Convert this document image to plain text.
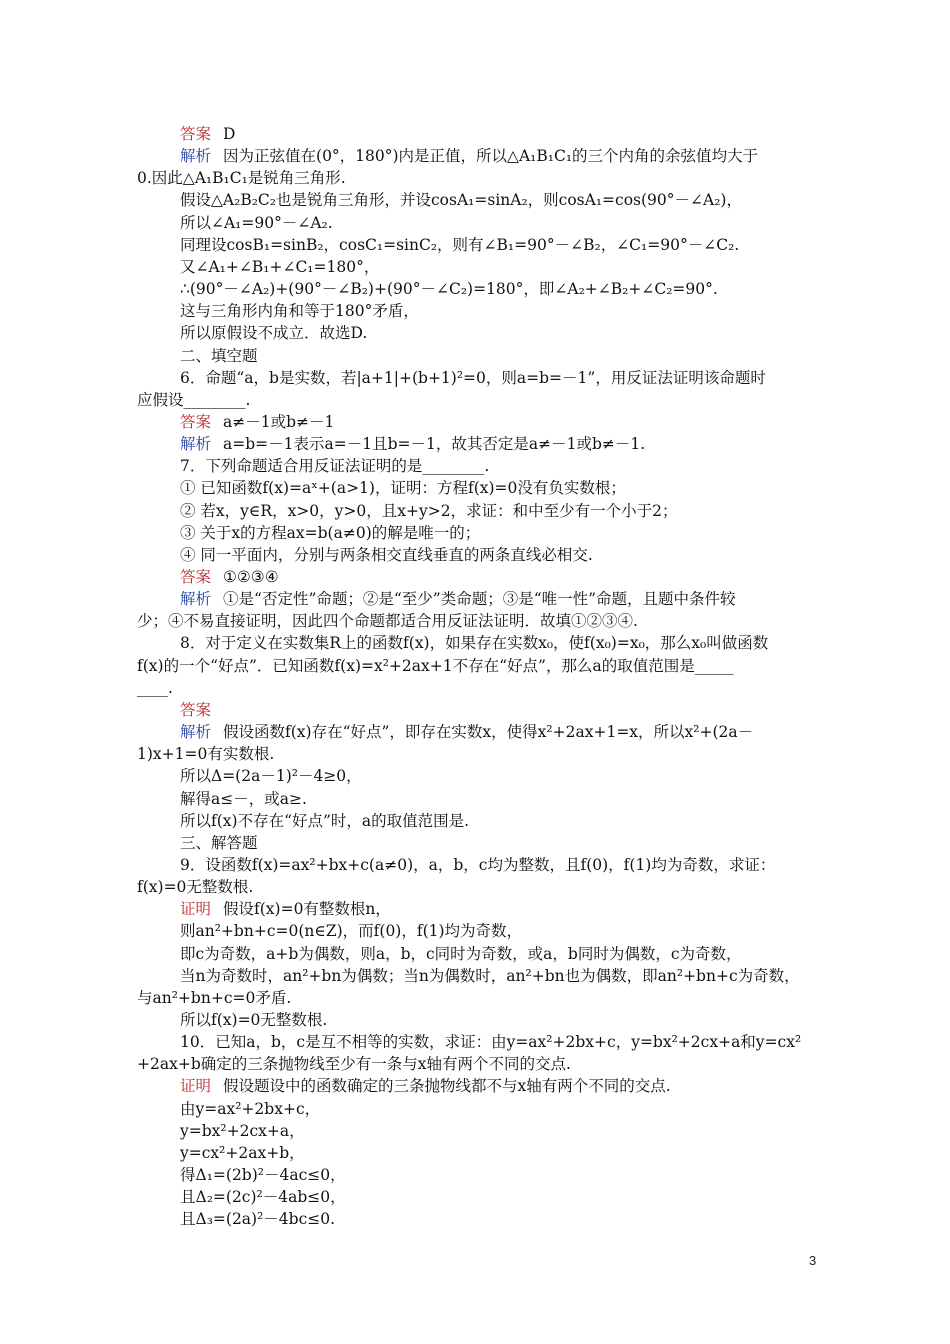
答案 D
解析 因为正弦值在(0°，180°)内是正值，所以△A₁B₁C₁的三个内角的余弦值均大于
0.因此△A₁B₁C₁是锐角三角形.
假设△A₂B₂C₂也是锐角三角形，并设cosA₁=sinA₂，则cosA₁=cos(90°－∠A₂)，
所以∠A₁=90°－∠A₂.
同理设cosB₁=sinB₂，cosC₁=sinC₂，则有∠B₁=90°－∠B₂，∠C₁=90°－∠C₂.
又∠A₁+∠B₁+∠C₁=180°，
∴(90°－∠A₂)+(90°－∠B₂)+(90°－∠C₂)=180°，即∠A₂+∠B₂+∠C₂=90°.
这与三角形内角和等于180°矛盾，
所以原假设不成立．故选D.
二、填空题
6．命题“a，b是实数，若|a+1|+(b+1)²=0，则a=b=－1”，用反证法证明该命题时
应假设________.
答案 a≠－1或b≠－1
解析 a=b=－1表示a=－1且b=－1，故其否定是a≠－1或b≠－1.
7．下列命题适合用反证法证明的是________.
① 已知函数f(x)=aˣ+(a>1)，证明：方程f(x)=0没有负实数根；
② 若x，y∈R，x>0，y>0，且x+y>2，求证：和中至少有一个小于2；
③ 关于x的方程ax=b(a≠0)的解是唯一的；
④ 同一平面内，分别与两条相交直线垂直的两条直线必相交.
答案 ①②③④
解析 ①是“否定性”命题；②是“至少”类命题；③是“唯一性”命题，且题中条件较
少；④不易直接证明，因此四个命题都适合用反证法证明．故填①②③④.
8．对于定义在实数集R上的函数f(x)，如果存在实数x₀，使f(x₀)=x₀，那么x₀叫做函数
f(x)的一个“好点”．已知函数f(x)=x²+2ax+1不存在“好点”，那么a的取值范围是_____
____.
答案
解析 假设函数f(x)存在“好点”，即存在实数x，使得x²+2ax+1=x，所以x²+(2a－
1)x+1=0有实数根.
所以Δ=(2a－1)²－4≥0，
解得a≤－，或a≥.
所以f(x)不存在“好点”时，a的取值范围是.
三、解答题
9．设函数f(x)=ax²+bx+c(a≠0)，a，b，c均为整数，且f(0)，f(1)均为奇数，求证：
f(x)=0无整数根.
证明 假设f(x)=0有整数根n，
则an²+bn+c=0(n∈Z)，而f(0)，f(1)均为奇数，
即c为奇数，a+b为偶数，则a，b，c同时为奇数，或a，b同时为偶数，c为奇数，
当n为奇数时，an²+bn为偶数；当n为偶数时，an²+bn也为偶数，即an²+bn+c为奇数，
与an²+bn+c=0矛盾.
所以f(x)=0无整数根.
10．已知a，b，c是互不相等的实数，求证：由y=ax²+2bx+c，y=bx²+2cx+a和y=cx²
+2ax+b确定的三条抛物线至少有一条与x轴有两个不同的交点.
证明 假设题设中的函数确定的三条抛物线都不与x轴有两个不同的交点.
由y=ax²+2bx+c，
y=bx²+2cx+a，
y=cx²+2ax+b，
得Δ₁=(2b)²－4ac≤0，
且Δ₂=(2c)²－4ab≤0，
且Δ₃=(2a)²－4bc≤0.
3
